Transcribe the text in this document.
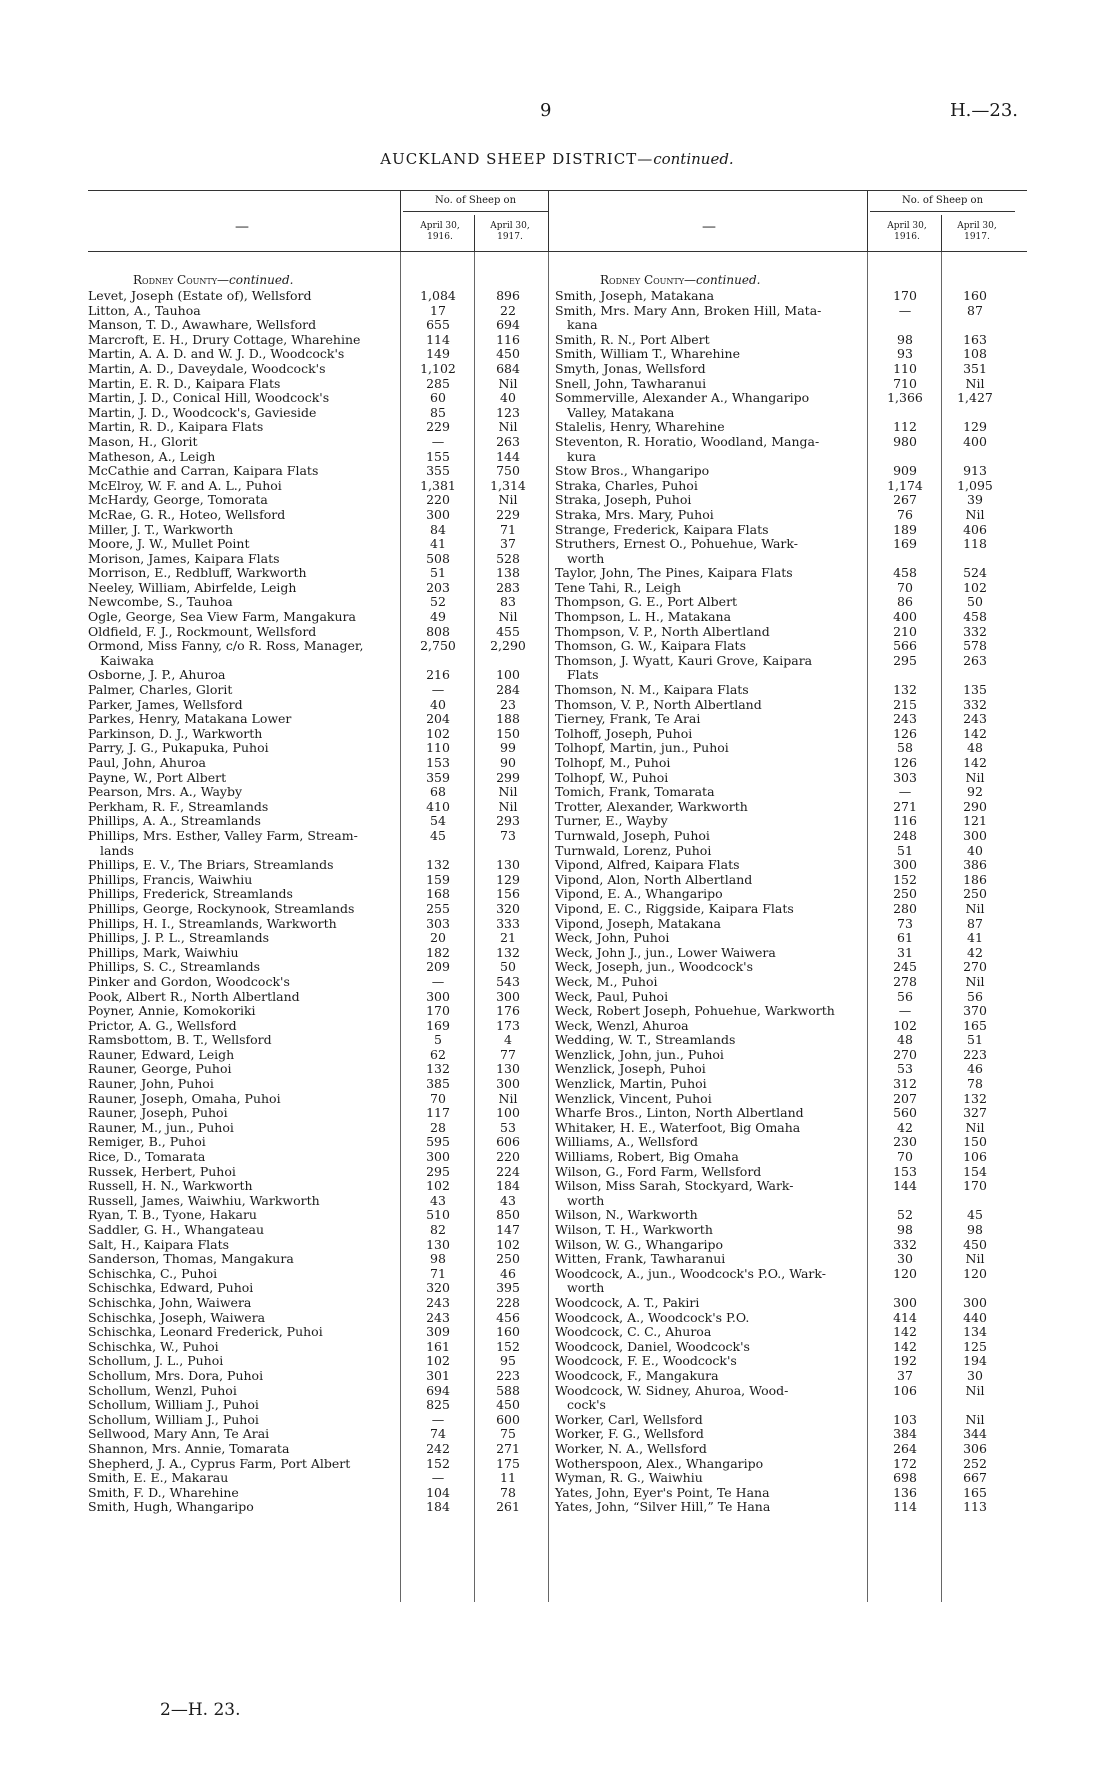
9	H.—23.
AUCKLAND SHEEP DISTRICT—continued.
—
No. of Sheep on
April 30, 1916.
April 30, 1917.
Rodney County—continued.
Levet, Joseph (Estate of), Wellsford	1,084	896
Litton, A., Tauhoa	17	22
Manson, T. D., Awawhare, Wellsford	655	694
Marcroft, E. H., Drury Cottage, Wharehine	114	116
Martin, A. A. D. and W. J. D., Woodcock's	149	450
Martin, A. D., Daveydale, Woodcock's	1,102	684
Martin, E. R. D., Kaipara Flats	285	Nil
Martin, J. D., Conical Hill, Woodcock's	60	40
Martin, J. D., Woodcock's, Gavieside	85	123
Martin, R. D., Kaipara Flats	229	Nil
Mason, H., Glorit	—	263
Matheson, A., Leigh	155	144
McCathie and Carran, Kaipara Flats	355	750
McElroy, W. F. and A. L., Puhoi	1,381	1,314
McHardy, George, Tomorata	220	Nil
McRae, G. R., Hoteo, Wellsford	300	229
Miller, J. T., Warkworth	84	71
Moore, J. W., Mullet Point	41	37
Morison, James, Kaipara Flats	508	528
Morrison, E., Redbluff, Warkworth	51	138
Neeley, William, Abirfelde, Leigh	203	283
Newcombe, S., Tauhoa	52	83
Ogle, George, Sea View Farm, Mangakura	49	Nil
Oldfield, F. J., Rockmount, Wellsford	808	455
Ormond, Miss Fanny, c/o R. Ross, Manager,
Kaiwaka
2,750	2,290
Osborne, J. P., Ahuroa	216	100
Palmer, Charles, Glorit	—	284
Parker, James, Wellsford	40	23
Parkes, Henry, Matakana Lower	204	188
Parkinson, D. J., Warkworth	102	150
Parry, J. G., Pukapuka, Puhoi	110	99
Paul, John, Ahuroa	153	90
Payne, W., Port Albert	359	299
Pearson, Mrs. A., Wayby	68	Nil
Perkham, R. F., Streamlands	410	Nil
Phillips, A. A., Streamlands	54	293
Phillips, Mrs. Esther, Valley Farm, Stream-
lands
45	73
Phillips, E. V., The Briars, Streamlands	132	130
Phillips, Francis, Waiwhiu	159	129
Phillips, Frederick, Streamlands	168	156
Phillips, George, Rockynook, Streamlands	255	320
Phillips, H. I., Streamlands, Warkworth	303	333
Phillips, J. P. L., Streamlands	20	21
Phillips, Mark, Waiwhiu	182	132
Phillips, S. C., Streamlands	209	50
Pinker and Gordon, Woodcock's	—	543
Pook, Albert R., North Albertland	300	300
Poyner, Annie, Komokoriki	170	176
Prictor, A. G., Wellsford	169	173
Ramsbottom, B. T., Wellsford	5	4
Rauner, Edward, Leigh	62	77
Rauner, George, Puhoi	132	130
Rauner, John, Puhoi	385	300
Rauner, Joseph, Omaha, Puhoi	70	Nil
Rauner, Joseph, Puhoi	117	100
Rauner, M., jun., Puhoi	28	53
Remiger, B., Puhoi	595	606
Rice, D., Tomarata	300	220
Russek, Herbert, Puhoi	295	224
Russell, H. N., Warkworth	102	184
Russell, James, Waiwhiu, Warkworth	43	43
Ryan, T. B., Tyone, Hakaru	510	850
Saddler, G. H., Whangateau	82	147
Salt, H., Kaipara Flats	130	102
Sanderson, Thomas, Mangakura	98	250
Schischka, C., Puhoi	71	46
Schischka, Edward, Puhoi	320	395
Schischka, John, Waiwera	243	228
Schischka, Joseph, Waiwera	243	456
Schischka, Leonard Frederick, Puhoi	309	160
Schischka, W., Puhoi	161	152
Schollum, J. L., Puhoi	102	95
Schollum, Mrs. Dora, Puhoi	301	223
Schollum, Wenzl, Puhoi	694	588
Schollum, William J., Puhoi	825	450
Schollum, William J., Puhoi	—	600
Sellwood, Mary Ann, Te Arai	74	75
Shannon, Mrs. Annie, Tomarata	242	271
Shepherd, J. A., Cyprus Farm, Port Albert	152	175
Smith, E. E., Makarau	—	11
Smith, F. D., Wharehine	104	78
Smith, Hugh, Whangaripo	184	261
—
No. of Sheep on
April 30, 1916.
April 30, 1917.
Rodney County—continued.
Smith, Joseph, Matakana	170	160
Smith, Mrs. Mary Ann, Broken Hill, Mata-
kana
—	87
Smith, R. N., Port Albert	98	163
Smith, William T., Wharehine	93	108
Smyth, Jonas, Wellsford	110	351
Snell, John, Tawharanui	710	Nil
Sommerville, Alexander A., Whangaripo
Valley, Matakana
1,366	1,427
Stalelis, Henry, Wharehine	112	129
Steventon, R. Horatio, Woodland, Manga-
kura
980	400
Stow Bros., Whangaripo	909	913
Straka, Charles, Puhoi	1,174	1,095
Straka, Joseph, Puhoi	267	39
Straka, Mrs. Mary, Puhoi	76	Nil
Strange, Frederick, Kaipara Flats	189	406
Struthers, Ernest O., Pohuehue, Wark-
worth
169	118
Taylor, John, The Pines, Kaipara Flats	458	524
Tene Tahi, R., Leigh	70	102
Thompson, G. E., Port Albert	86	50
Thompson, L. H., Matakana	400	458
Thompson, V. P., North Albertland	210	332
Thomson, G. W., Kaipara Flats	566	578
Thomson, J. Wyatt, Kauri Grove, Kaipara
Flats
295	263
Thomson, N. M., Kaipara Flats	132	135
Thomson, V. P., North Albertland	215	332
Tierney, Frank, Te Arai	243	243
Tolhoff, Joseph, Puhoi	126	142
Tolhopf, Martin, jun., Puhoi	58	48
Tolhopf, M., Puhoi	126	142
Tolhopf, W., Puhoi	303	Nil
Tomich, Frank, Tomarata	—	92
Trotter, Alexander, Warkworth	271	290
Turner, E., Wayby	116	121
Turnwald, Joseph, Puhoi	248	300
Turnwald, Lorenz, Puhoi	51	40
Vipond, Alfred, Kaipara Flats	300	386
Vipond, Alon, North Albertland	152	186
Vipond, E. A., Whangaripo	250	250
Vipond, E. C., Riggside, Kaipara Flats	280	Nil
Vipond, Joseph, Matakana	73	87
Weck, John, Puhoi	61	41
Weck, John J., jun., Lower Waiwera	31	42
Weck, Joseph, jun., Woodcock's	245	270
Weck, M., Puhoi	278	Nil
Weck, Paul, Puhoi	56	56
Weck, Robert Joseph, Pohuehue, Warkworth	—	370
Weck, Wenzl, Ahuroa	102	165
Wedding, W. T., Streamlands	48	51
Wenzlick, John, jun., Puhoi	270	223
Wenzlick, Joseph, Puhoi	53	46
Wenzlick, Martin, Puhoi	312	78
Wenzlick, Vincent, Puhoi	207	132
Wharfe Bros., Linton, North Albertland	560	327
Whitaker, H. E., Waterfoot, Big Omaha	42	Nil
Williams, A., Wellsford	230	150
Williams, Robert, Big Omaha	70	106
Wilson, G., Ford Farm, Wellsford	153	154
Wilson, Miss Sarah, Stockyard, Wark-
worth
144	170
Wilson, N., Warkworth	52	45
Wilson, T. H., Warkworth	98	98
Wilson, W. G., Whangaripo	332	450
Witten, Frank, Tawharanui	30	Nil
Woodcock, A., jun., Woodcock's P.O., Wark-
worth
120	120
Woodcock, A. T., Pakiri	300	300
Woodcock, A., Woodcock's P.O.	414	440
Woodcock, C. C., Ahuroa	142	134
Woodcock, Daniel, Woodcock's	142	125
Woodcock, F. E., Woodcock's	192	194
Woodcock, F., Mangakura	37	30
Woodcock, W. Sidney, Ahuroa, Wood-
cock's
106	Nil
Worker, Carl, Wellsford	103	Nil
Worker, F. G., Wellsford	384	344
Worker, N. A., Wellsford	264	306
Wotherspoon, Alex., Whangaripo	172	252
Wyman, R. G., Waiwhiu	698	667
Yates, John, Eyer's Point, Te Hana	136	165
Yates, John, “Silver Hill,” Te Hana	114	113
2—H. 23.
